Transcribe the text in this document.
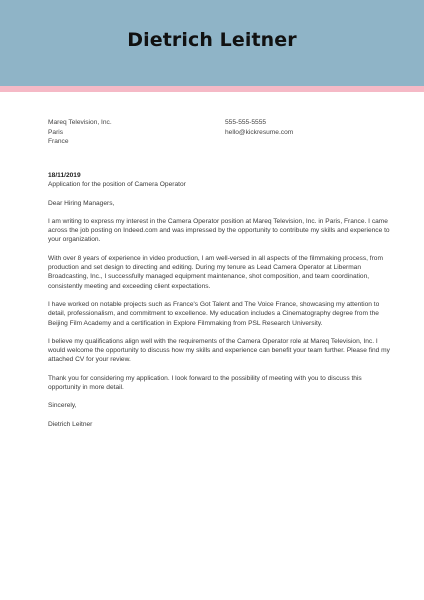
Dietrich Leitner
Mareq Television, Inc.
Paris
France
555-555-5555
hello@kickresume.com
18/11/2019
Application for the position of Camera Operator
Dear Hiring Managers,

I am writing to express my interest in the Camera Operator position at Mareq Television, Inc. in Paris, France. I came across the job posting on Indeed.com and was impressed by the opportunity to contribute my skills and experience to your organization.

With over 8 years of experience in video production, I am well-versed in all aspects of the filmmaking process, from production and set design to directing and editing. During my tenure as Lead Camera Operator at Liberman Broadcasting, Inc., I successfully managed equipment maintenance, shot composition, and team coordination, consistently meeting and exceeding client expectations.

I have worked on notable projects such as France's Got Talent and The Voice France, showcasing my attention to detail, professionalism, and commitment to excellence. My education includes a Cinematography degree from the Beijing Film Academy and a certification in Explore Filmmaking from PSL Research University.

I believe my qualifications align well with the requirements of the Camera Operator role at Mareq Television, Inc. I would welcome the opportunity to discuss how my skills and experience can benefit your team further. Please find my attached CV for your review.

Thank you for considering my application. I look forward to the possibility of meeting with you to discuss this opportunity in more detail.

Sincerely,
Dietrich Leitner
